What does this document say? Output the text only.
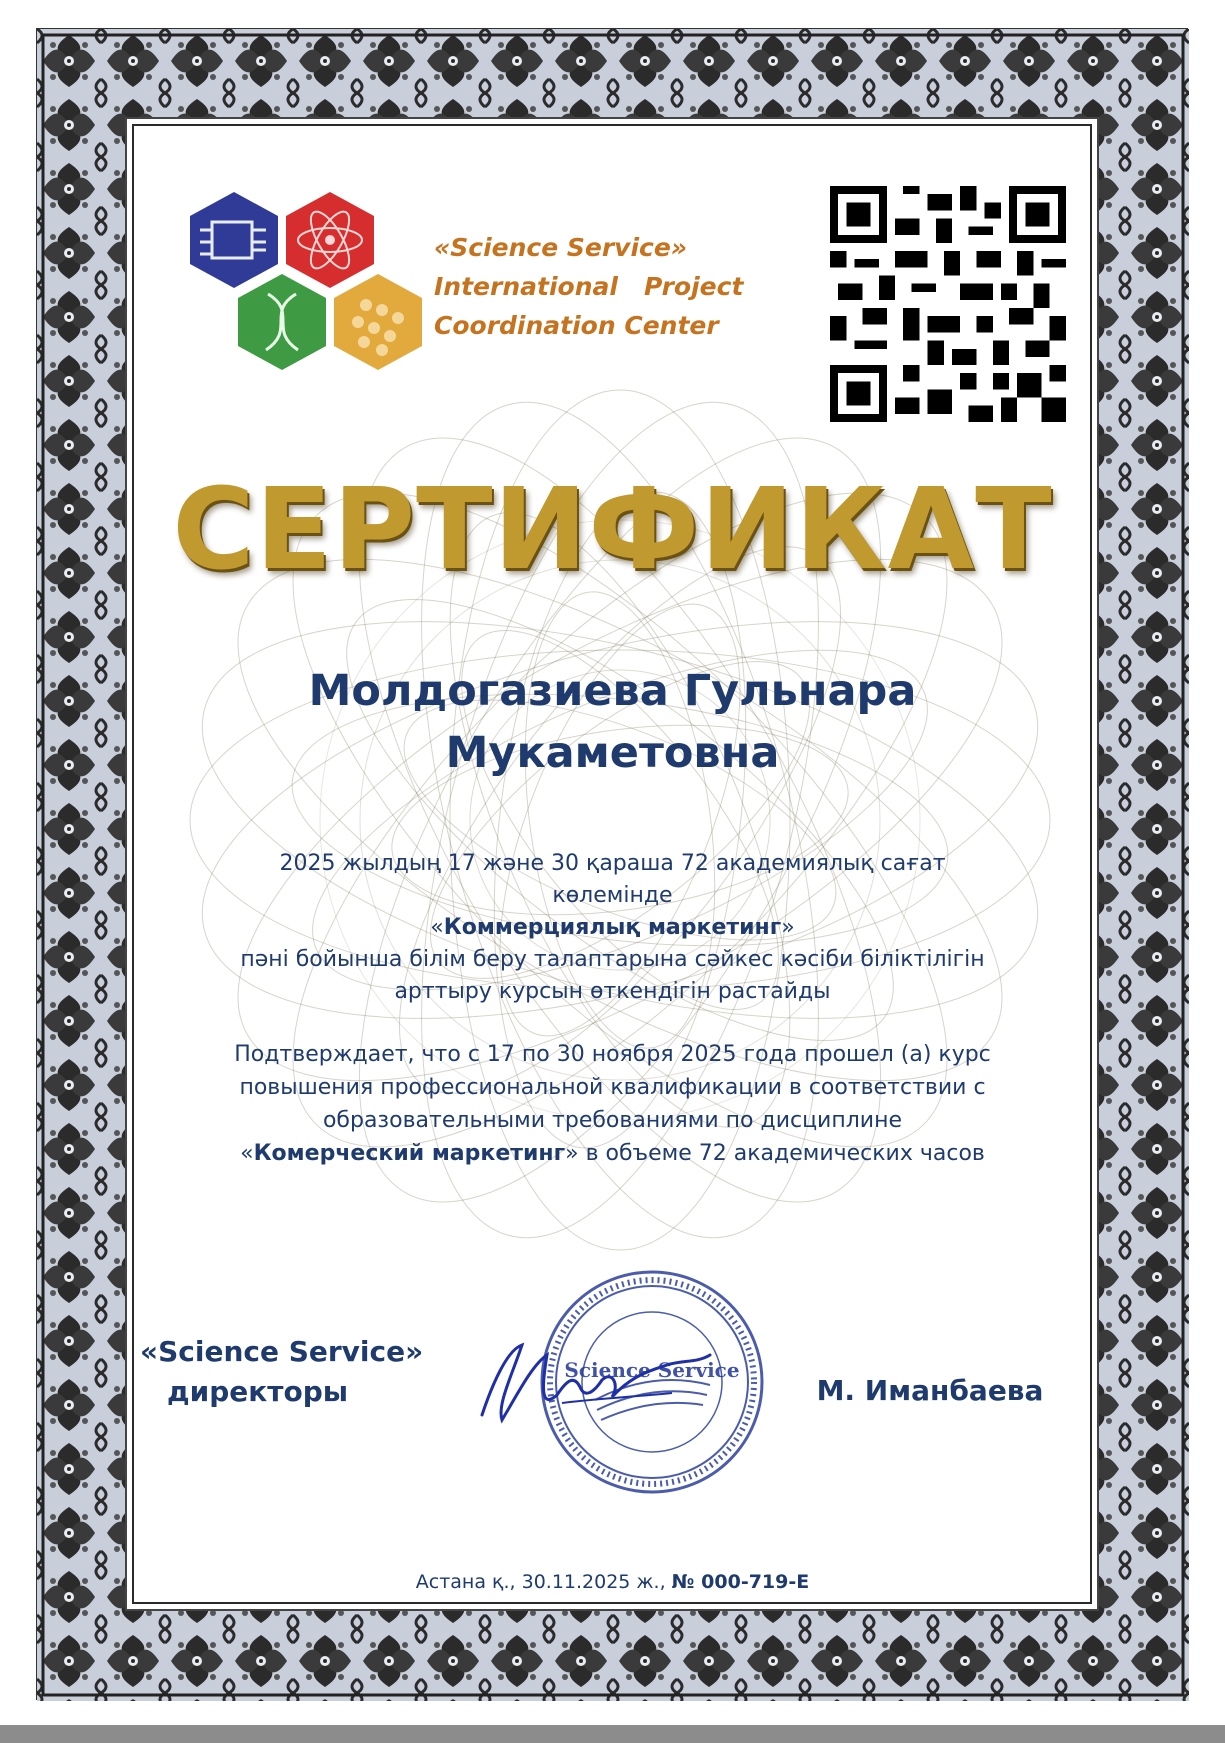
«Science Service»
International   Project
Coordination Center
СЕРТИФИКАТ
Молдогазиева Гульнара
Мукаметовна
2025 жылдың 17 және 30 қараша 72 академиялық сағат
көлемінде
«Коммерциялық маркетинг»
пәні бойынша білім беру талаптарына сәйкес кәсіби біліктілігін
арттыру курсын өткендігін растайды
Подтверждает, что с 17 по 30 ноября 2025 года прошел (а) курс
повышения профессиональной квалификации в соответствии с
образовательными требованиями по дисциплине
«Комерческий маркетинг» в объеме 72 академических часов
«Science Service»
директоры
Science Service
М. Иманбаева
Астана қ., 30.11.2025 ж., № 000-719-Е
